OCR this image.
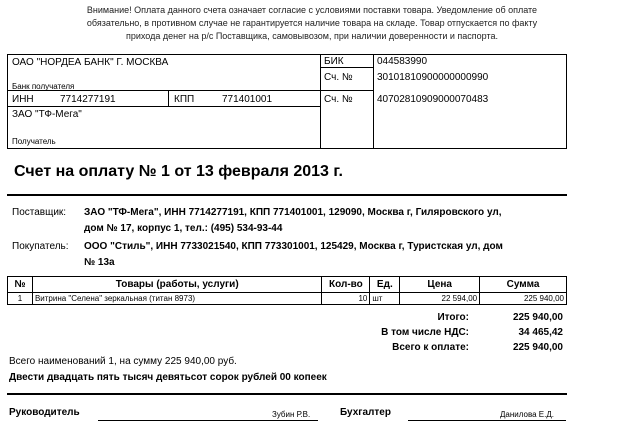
Внимание! Оплата данного счета означает согласие с условиями поставки товара. Уведомление об оплате
обязательно, в противном случае не гарантируется наличие товара на складе. Товар отпускается по факту
прихода денег на р/с Поставщика, самовывозом, при наличии доверенности и паспорта.
ОАО "НОРДЕА БАНК" Г. МОСКВА
Банк получателя
БИК	044583990
Сч. № 30101810900000000990
ИНН	7714277191	КПП	771401001	Сч. № 40702810909000070483
ЗАО "ТФ-Мега"
Получатель
Счет на оплату № 1 от 13 февраля 2013 г.
Поставщик:	ЗАО "ТФ-Мега", ИНН 7714277191, КПП 771401001, 129090, Москва г, Гиляровского ул,
дом № 17, корпус 1, тел.: (495) 534-93-44
Покупатель:	ООО "Стиль", ИНН 7733021540, КПП 773301001, 125429, Москва г, Туристская ул, дом
№ 13а
№	Товары (работы, услуги)	Кол-во	Ед.	Цена	Сумма
1	Витрина "Селена" зеркальная (титан 8973)	10	шт	22 594,00	225 940,00
Итого:	225 940,00
В том числе НДС:	34 465,42
Всего к оплате:	225 940,00
Всего наименований 1, на сумму 225 940,00 руб.
Двести двадцать пять тысяч девятьсот сорок рублей 00 копеек
Руководитель	Зубин Р.В.	Бухгалтер	Данилова Е.Д.
